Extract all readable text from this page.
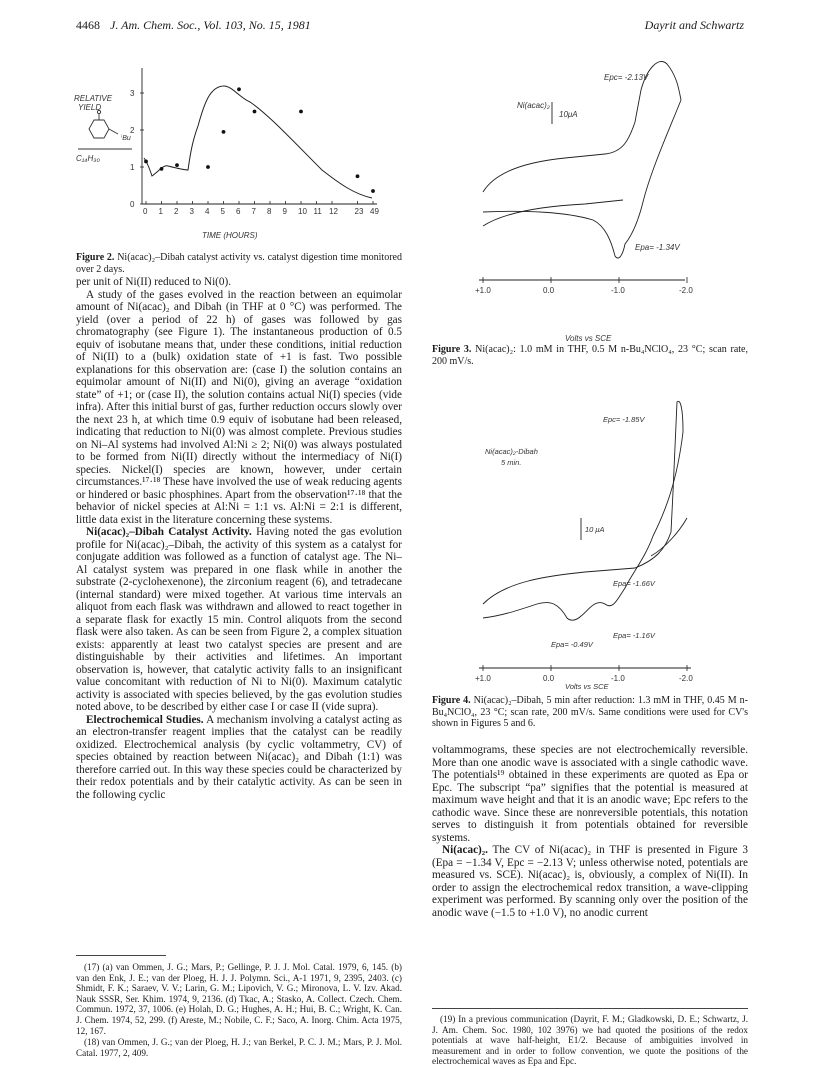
4468 J. Am. Chem. Soc., Vol. 103, No. 15, 1981	Dayrit and Schwartz
RELATIVE
YIELD
C₁₄H₃₀
ⁱBu
TIME (HOURS)
0
1
2
3
0 1 2 3 4 5 6 7 8 9 10 11 12 23 49
Figure 2. Ni(acac)₂–Dibah catalyst activity vs. catalyst digestion time monitored over 2 days.

per unit of Ni(II) reduced to Ni(0).

A study of the gases evolved in the reaction between an equimolar amount of Ni(acac)₂ and Dibah (in THF at 0 °C) was performed. The yield (over a period of 22 h) of gases was followed by gas chromatography (see Figure 1). The instantaneous production of 0.5 equiv of isobutane means that, under these conditions, initial reduction of Ni(II) to a (bulk) oxidation state of +1 is fast. Two possible explanations for this observation are: (case I) the solution contains an equimolar amount of Ni(II) and Ni(0), giving an average “oxidation state” of +1; or (case II), the solution contains actual Ni(I) species (vide infra). After this initial burst of gas, further reduction occurs slowly over the next 23 h, at which time 0.9 equiv of isobutane had been released, indicating that reduction to Ni(0) was almost complete. Previous studies on Ni–Al systems had involved Al:Ni ≥ 2; Ni(0) was always postulated to be formed from Ni(II) directly without the intermediacy of Ni(I) species. Nickel(I) species are known, however, under certain circumstances.¹⁷·¹⁸ These have involved the use of weak reducing agents or hindered or basic phosphines. Apart from the observation¹⁷·¹⁸ that the behavior of nickel species at Al:Ni = 1:1 vs. Al:Ni = 2:1 is different, little data exist in the literature concerning these systems.

Ni(acac)₂–Dibah Catalyst Activity. Having noted the gas evolution profile for Ni(acac)₂–Dibah, the activity of this system as a catalyst for conjugate addition was followed as a function of catalyst age. The Ni–Al catalyst system was prepared in one flask while in another the substrate (2-cyclohexenone), the zirconium reagent (6), and tetradecane (internal standard) were mixed together. At various time intervals an aliquot from each flask was withdrawn and allowed to react together in a separate flask for exactly 15 min. Control aliquots from the second flask were also taken. As can be seen from Figure 2, a complex situation exists: apparently at least two catalyst species are present and are distinguishable by their activities and lifetimes. An important observation is, however, that catalytic activity falls to an insignificant value concomitant with reduction of Ni to Ni(0). Maximum catalytic activity is associated with species believed, by the gas evolution studies noted above, to be described by either case I or case II (vide supra).

Electrochemical Studies. A mechanism involving a catalyst acting as an electron-transfer reagent implies that the catalyst can be readily oxidized. Electrochemical analysis (by cyclic voltammetry, CV) of species obtained by reaction between Ni(acac)₂ and Dibah (1:1) was therefore carried out. In this way these species could be characterized by their redox potentials and by their catalytic activity. As can be seen in the following cyclic

(17) (a) van Ommen, J. G.; Mars, P.; Gellinge, P. J. J. Mol. Catal. 1979, 6, 145. (b) van den Enk, J. E.; van der Ploeg, H. J. J. Polymn. Sci., A-1 1971, 9, 2395, 2403. (c) Shmidt, F. K.; Saraev, V. V.; Larin, G. M.; Lipovich, V. G.; Mironova, L. V. Izv. Akad. Nauk SSSR, Ser. Khim. 1974, 9, 2136. (d) Tkac, A.; Stasko, A. Collect. Czech. Chem. Commun. 1972, 37, 1006. (e) Holah, D. G.; Hughes, A. H.; Hui, B. C.; Wright, K. Can. J. Chem. 1974, 52, 299. (f) Areste, M.; Nobile, C. F.; Saco, A. Inorg. Chim. Acta 1975, 12, 167.

(18) van Ommen, J. G.; van der Ploeg, H. J.; van Berkel, P. C. J. M.; Mars, P. J. Mol. Catal. 1977, 2, 409.

Ni(acac)₂
10μA
Epc= -2.13V
Epa= -1.34V
Volts vs SCE
+1.0	0.0	-1.0	-2.0
Figure 3. Ni(acac)₂: 1.0 mM in THF, 0.5 M n-Bu₄NClO₄, 23 °C; scan rate, 200 mV/s.
Ni(acac)₂-Dibah
5 min.
10 μA
Epc= -1.85V
Epa= -1.66V
Epa= -1.16V
Epa= -0.49V
Volts vs SCE
+1.0	0.0	-1.0	-2.0
Figure 4. Ni(acac)₂–Dibah, 5 min after reduction: 1.3 mM in THF, 0.45 M n-Bu₄NClO₄, 23 °C; scan rate, 200 mV/s. Same conditions were used for CV's shown in Figures 5 and 6.

voltammograms, these species are not electrochemically reversible. More than one anodic wave is associated with a single cathodic wave. The potentials¹⁹ obtained in these experiments are quoted as Epa or Epc. The subscript “pa” signifies that the potential is measured at maximum wave height and that it is an anodic wave; Epc refers to the cathodic wave. Since these are nonreversible potentials, this notation serves to distinguish it from potentials obtained for reversible systems.

Ni(acac)₂. The CV of Ni(acac)₂ in THF is presented in Figure 3 (Epa = −1.34 V, Epc = −2.13 V; unless otherwise noted, potentials are measured vs. SCE). Ni(acac)₂ is, obviously, a complex of Ni(II). In order to assign the electrochemical redox transition, a wave-clipping experiment was performed. By scanning only over the position of the anodic wave (−1.5 to +1.0 V), no anodic current

(19) In a previous communication (Dayrit, F. M.; Gladkowski, D. E.; Schwartz, J. J. Am. Chem. Soc. 1980, 102 3976) we had quoted the positions of the redox potentials at wave half-height, E1/2. Because of ambiguities involved in measurement and in order to follow convention, we quote the positions of the electrochemical waves as Epa and Epc.
